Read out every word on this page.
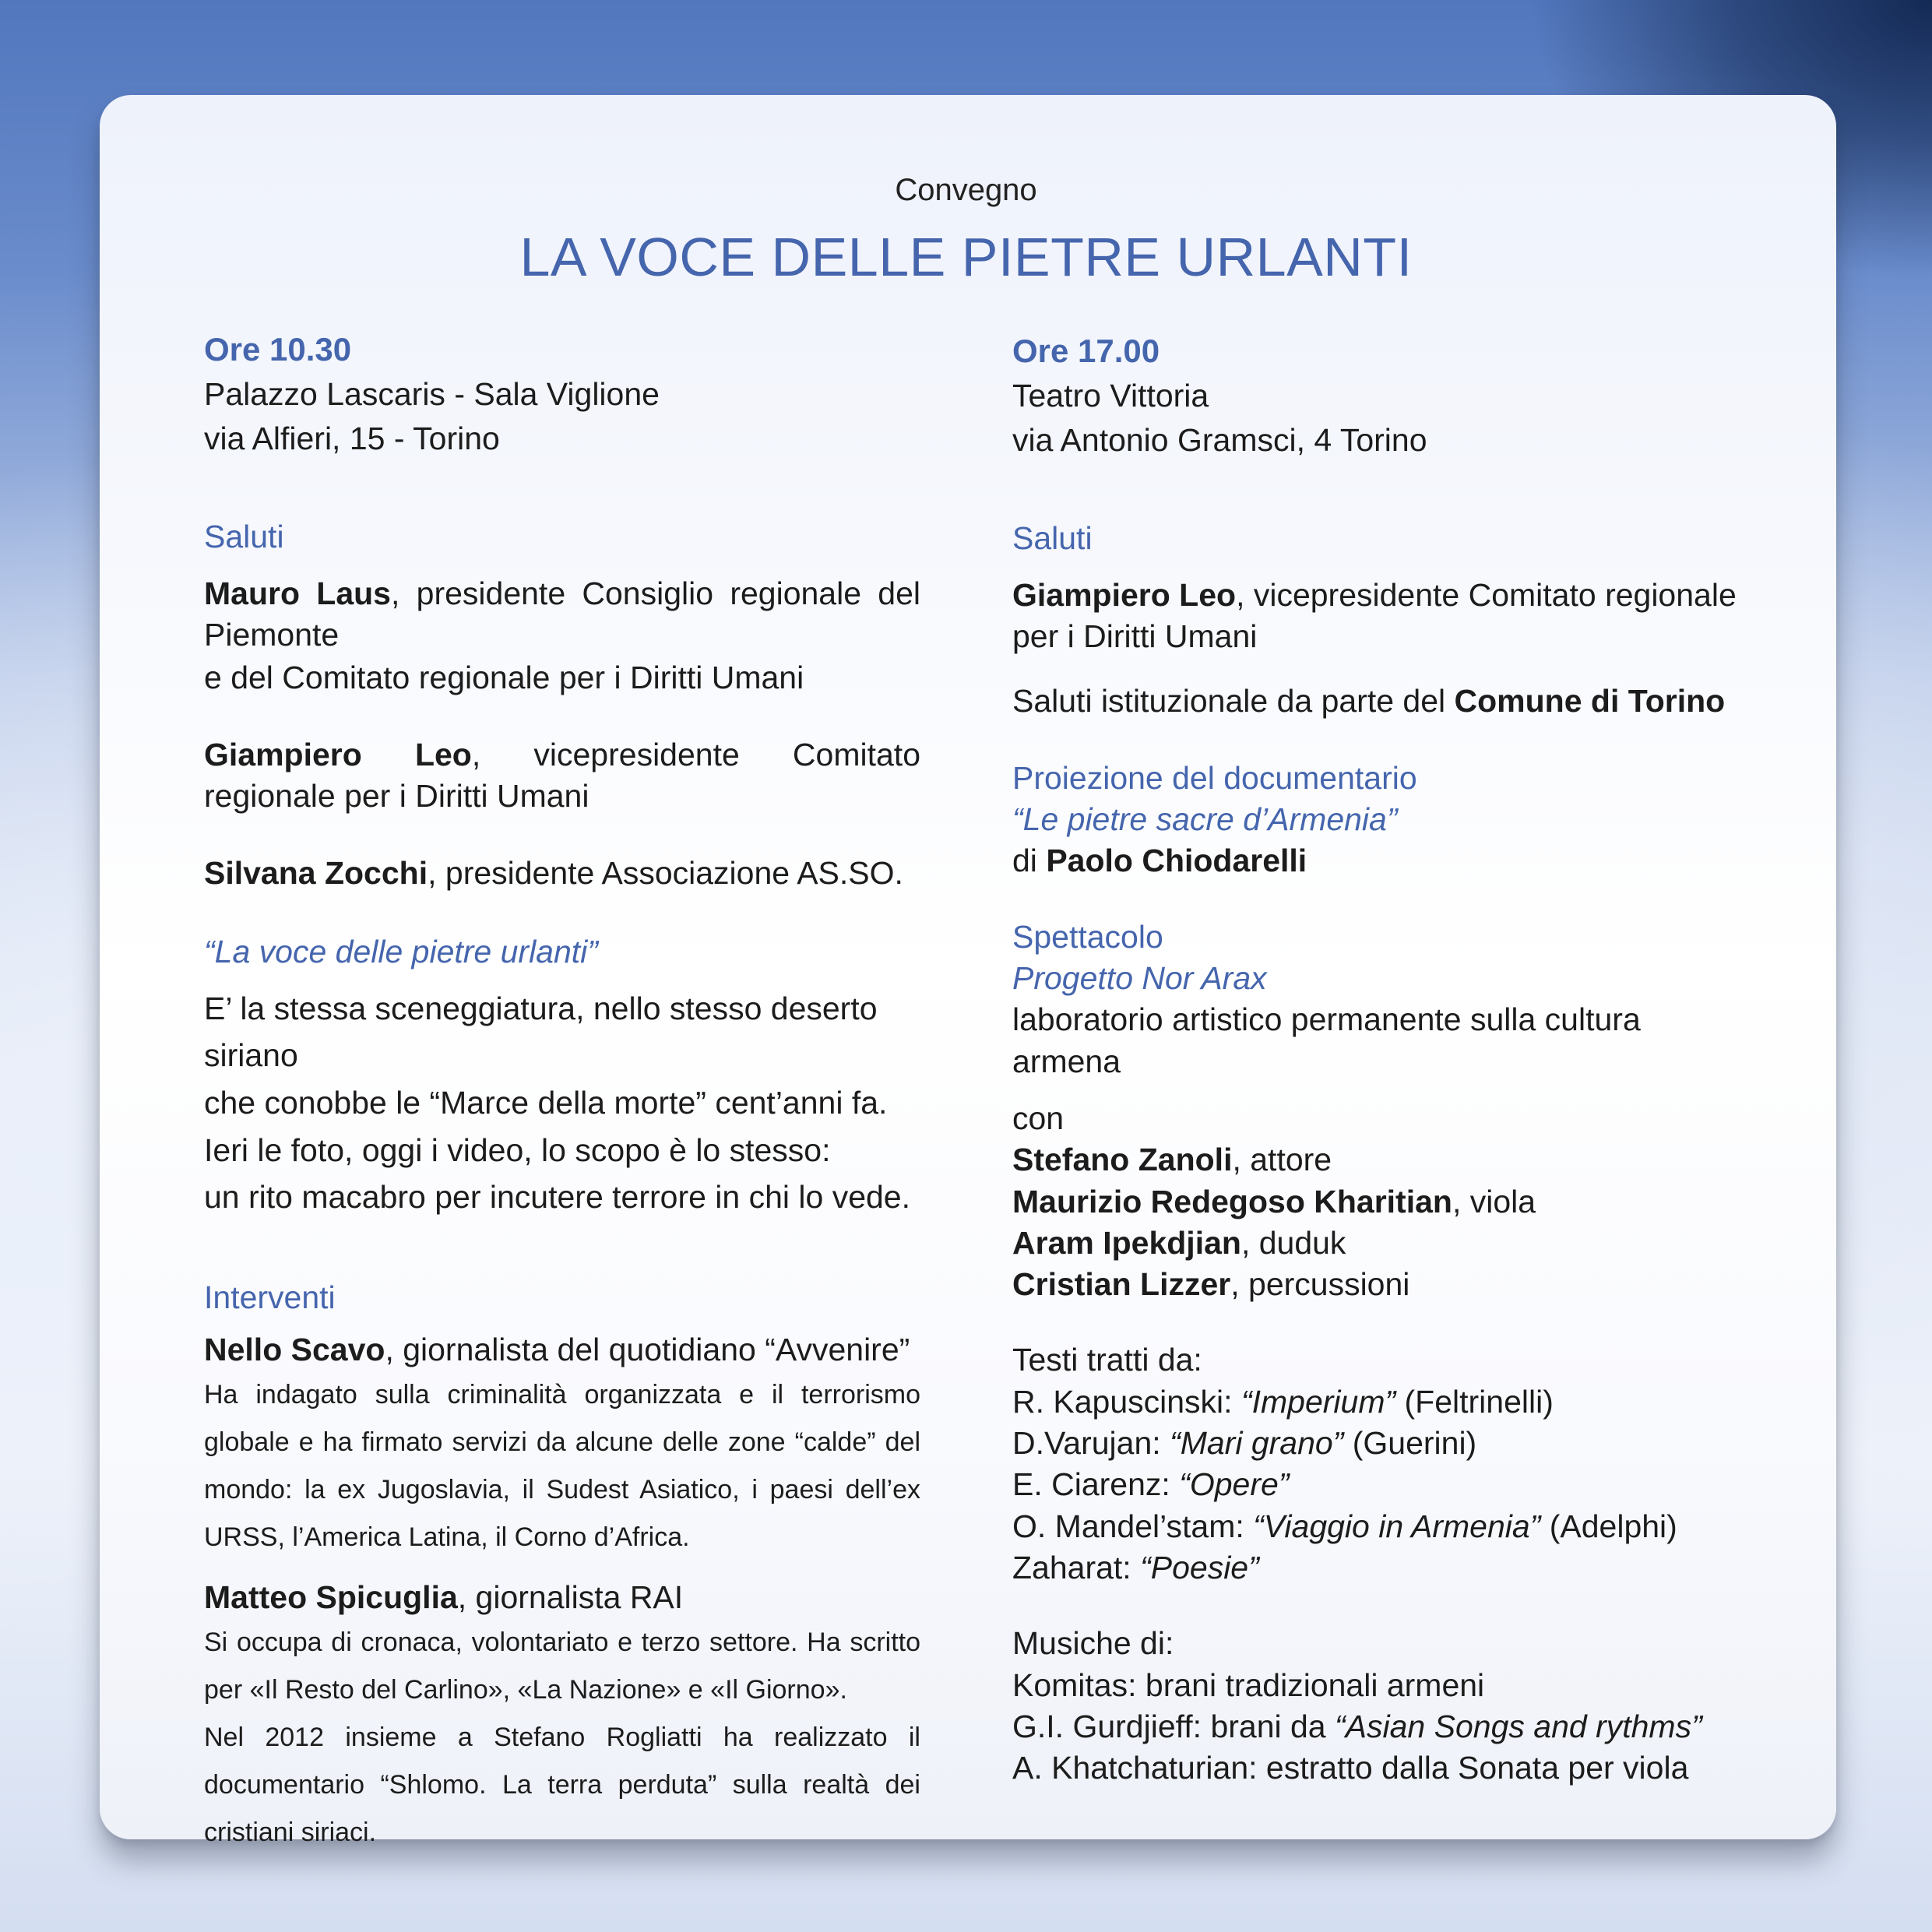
Convegno
LA VOCE DELLE PIETRE URLANTI

Ore 10.30

Palazzo Lascaris - Sala Viglione

via Alfieri, 15 - Torino

Saluti

Mauro Laus, presidente Consiglio regionale del Piemonte

e del Comitato regionale per i Diritti Umani

Giampiero Leo, vicepresidente Comitato regionale per i Diritti Umani

Silvana Zocchi, presidente Associazione AS.SO.

“La voce delle pietre urlanti”

E’ la stessa sceneggiatura, nello stesso deserto siriano

che conobbe le “Marce della morte” cent’anni fa.

Ieri le foto, oggi i video, lo scopo è lo stesso:

un rito macabro per incutere terrore in chi lo vede.

Interventi

Nello Scavo, giornalista del quotidiano “Avvenire”

Ha indagato sulla criminalità organizzata e il terrorismo globale e ha firmato servizi da alcune delle zone “calde” del mondo: la ex Jugoslavia, il Sudest Asiatico, i paesi dell’ex URSS, l’America Latina, il Corno d’Africa.

Matteo Spicuglia, giornalista RAI

Si occupa di cronaca, volontariato e terzo settore. Ha scritto per «Il Resto del Carlino», «La Nazione» e «Il Giorno».

Nel 2012 insieme a Stefano Rogliatti ha realizzato il documentario “Shlomo. La terra perduta” sulla realtà dei cristiani siriaci.

Ore 17.00

Teatro Vittoria

via Antonio Gramsci, 4 Torino

Saluti

Giampiero Leo, vicepresidente Comitato regionale per i Diritti Umani

Saluti istituzionale da parte del Comune di Torino

Proiezione del documentario

“Le pietre sacre d’Armenia”

di Paolo Chiodarelli

Spettacolo

Progetto Nor Arax

laboratorio artistico permanente sulla cultura armena

con

Stefano Zanoli, attore

Maurizio Redegoso Kharitian, viola

Aram Ipekdjian, duduk

Cristian Lizzer, percussioni

Testi tratti da:

R. Kapuscinski: “Imperium” (Feltrinelli)

D.Varujan: “Mari grano” (Guerini)

E. Ciarenz: “Opere”

O. Mandel’stam: “Viaggio in Armenia” (Adelphi)

Zaharat: “Poesie”

Musiche di:

Komitas: brani tradizionali armeni

G.I. Gurdjieff: brani da “Asian Songs and rythms”

A. Khatchaturian: estratto dalla Sonata per viola
